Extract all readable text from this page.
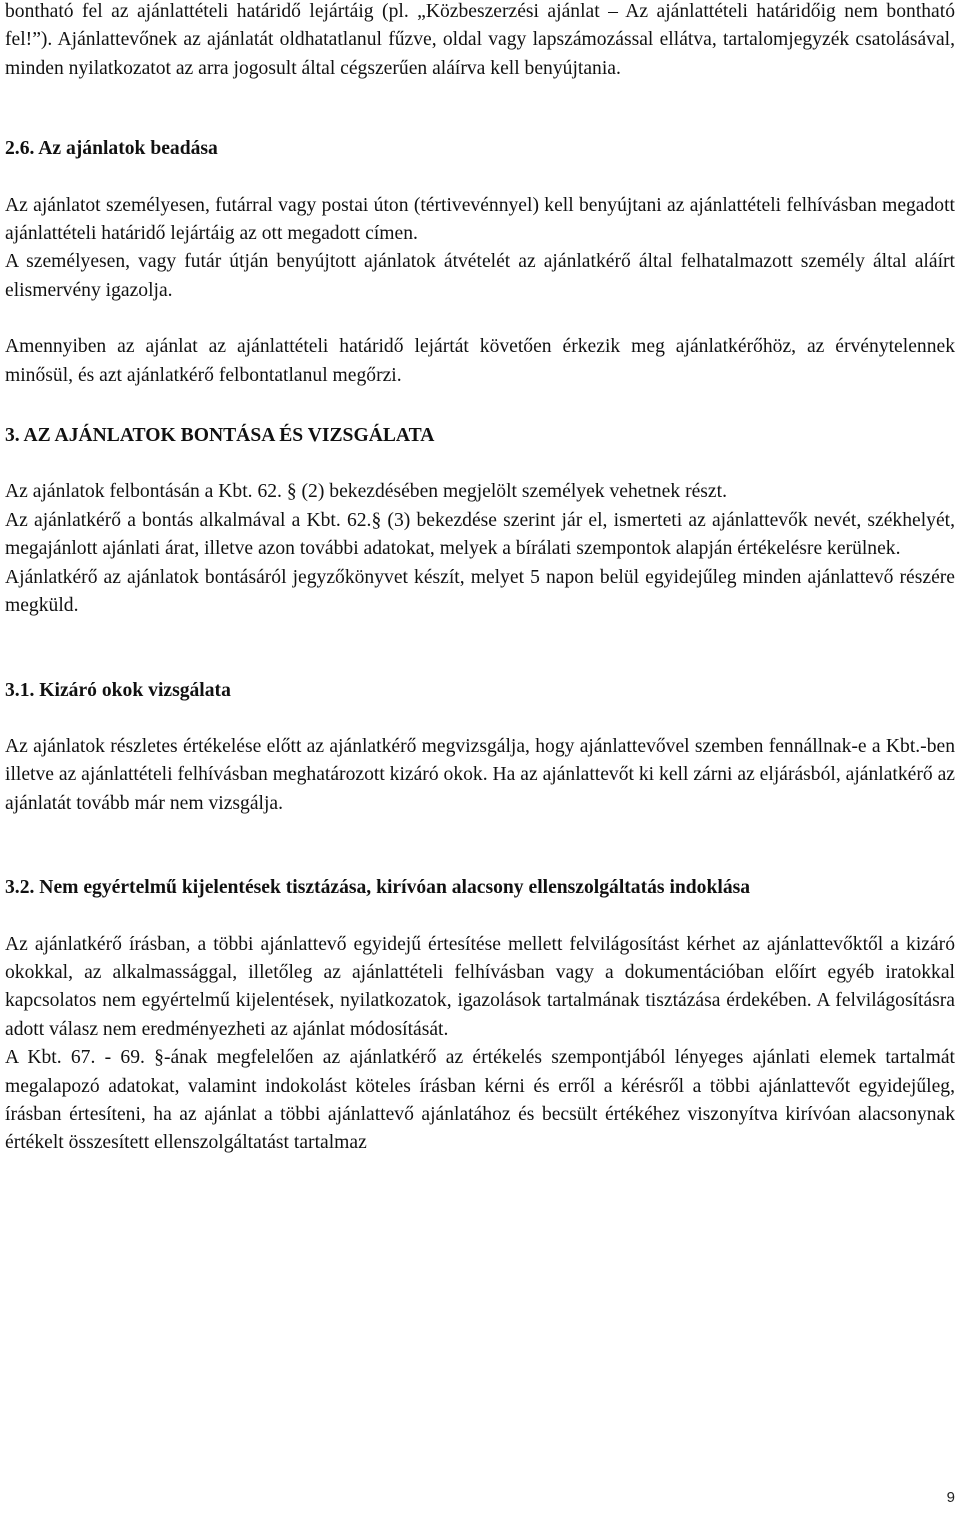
bontható fel az ajánlattételi határidő lejártáig (pl. „Közbeszerzési ajánlat – Az ajánlattételi határidőig nem bontható fel!”). Ajánlattevőnek az ajánlatát oldhatatlanul fűzve, oldal vagy lapszámozással ellátva, tartalomjegyzék csatolásával, minden nyilatkozatot az arra jogosult által cégszerűen aláírva kell benyújtania.

2.6. Az ajánlatok beadása

Az ajánlatot személyesen, futárral vagy postai úton (tértivevénnyel) kell benyújtani az ajánlattételi felhívásban megadott ajánlattételi határidő lejártáig az ott megadott címen.

A személyesen, vagy futár útján benyújtott ajánlatok átvételét az ajánlatkérő által felhatalmazott személy által aláírt elismervény igazolja.

Amennyiben az ajánlat az ajánlattételi határidő lejártát követően érkezik meg ajánlatkérőhöz, az érvénytelennek minősül, és azt ajánlatkérő felbontatlanul megőrzi.

3. AZ AJÁNLATOK BONTÁSA ÉS VIZSGÁLATA

Az ajánlatok felbontásán a Kbt. 62. § (2) bekezdésében megjelölt személyek vehetnek részt.

Az ajánlatkérő a bontás alkalmával a Kbt. 62.§ (3) bekezdése szerint jár el, ismerteti az ajánlattevők nevét, székhelyét, megajánlott ajánlati árat, illetve azon további adatokat, melyek a bírálati szempontok alapján értékelésre kerülnek.

Ajánlatkérő az ajánlatok bontásáról jegyzőkönyvet készít, melyet 5 napon belül egyidejűleg minden ajánlattevő részére megküld.

3.1. Kizáró okok vizsgálata

Az ajánlatok részletes értékelése előtt az ajánlatkérő megvizsgálja, hogy ajánlattevővel szemben fennállnak-e a Kbt.-ben illetve az ajánlattételi felhívásban meghatározott kizáró okok. Ha az ajánlattevőt ki kell zárni az eljárásból, ajánlatkérő az ajánlatát tovább már nem vizsgálja.

3.2. Nem egyértelmű kijelentések tisztázása, kirívóan alacsony ellenszolgáltatás indoklása

Az ajánlatkérő írásban, a többi ajánlattevő egyidejű értesítése mellett felvilágosítást kérhet az ajánlattevőktől a kizáró okokkal, az alkalmassággal, illetőleg az ajánlattételi felhívásban vagy a dokumentációban előírt egyéb iratokkal kapcsolatos nem egyértelmű kijelentések, nyilatkozatok, igazolások tartalmának tisztázása érdekében. A felvilágosításra adott válasz nem eredményezheti az ajánlat módosítását.

A Kbt. 67. - 69. §-ának megfelelően az ajánlatkérő az értékelés szempontjából lényeges ajánlati elemek tartalmát megalapozó adatokat, valamint indokolást köteles írásban kérni és erről a kérésről a többi ajánlattevőt egyidejűleg, írásban értesíteni, ha az ajánlat a többi ajánlattevő ajánlatához és becsült értékéhez viszonyítva kirívóan alacsonynak értékelt összesített ellenszolgáltatást tartalmaz

9
